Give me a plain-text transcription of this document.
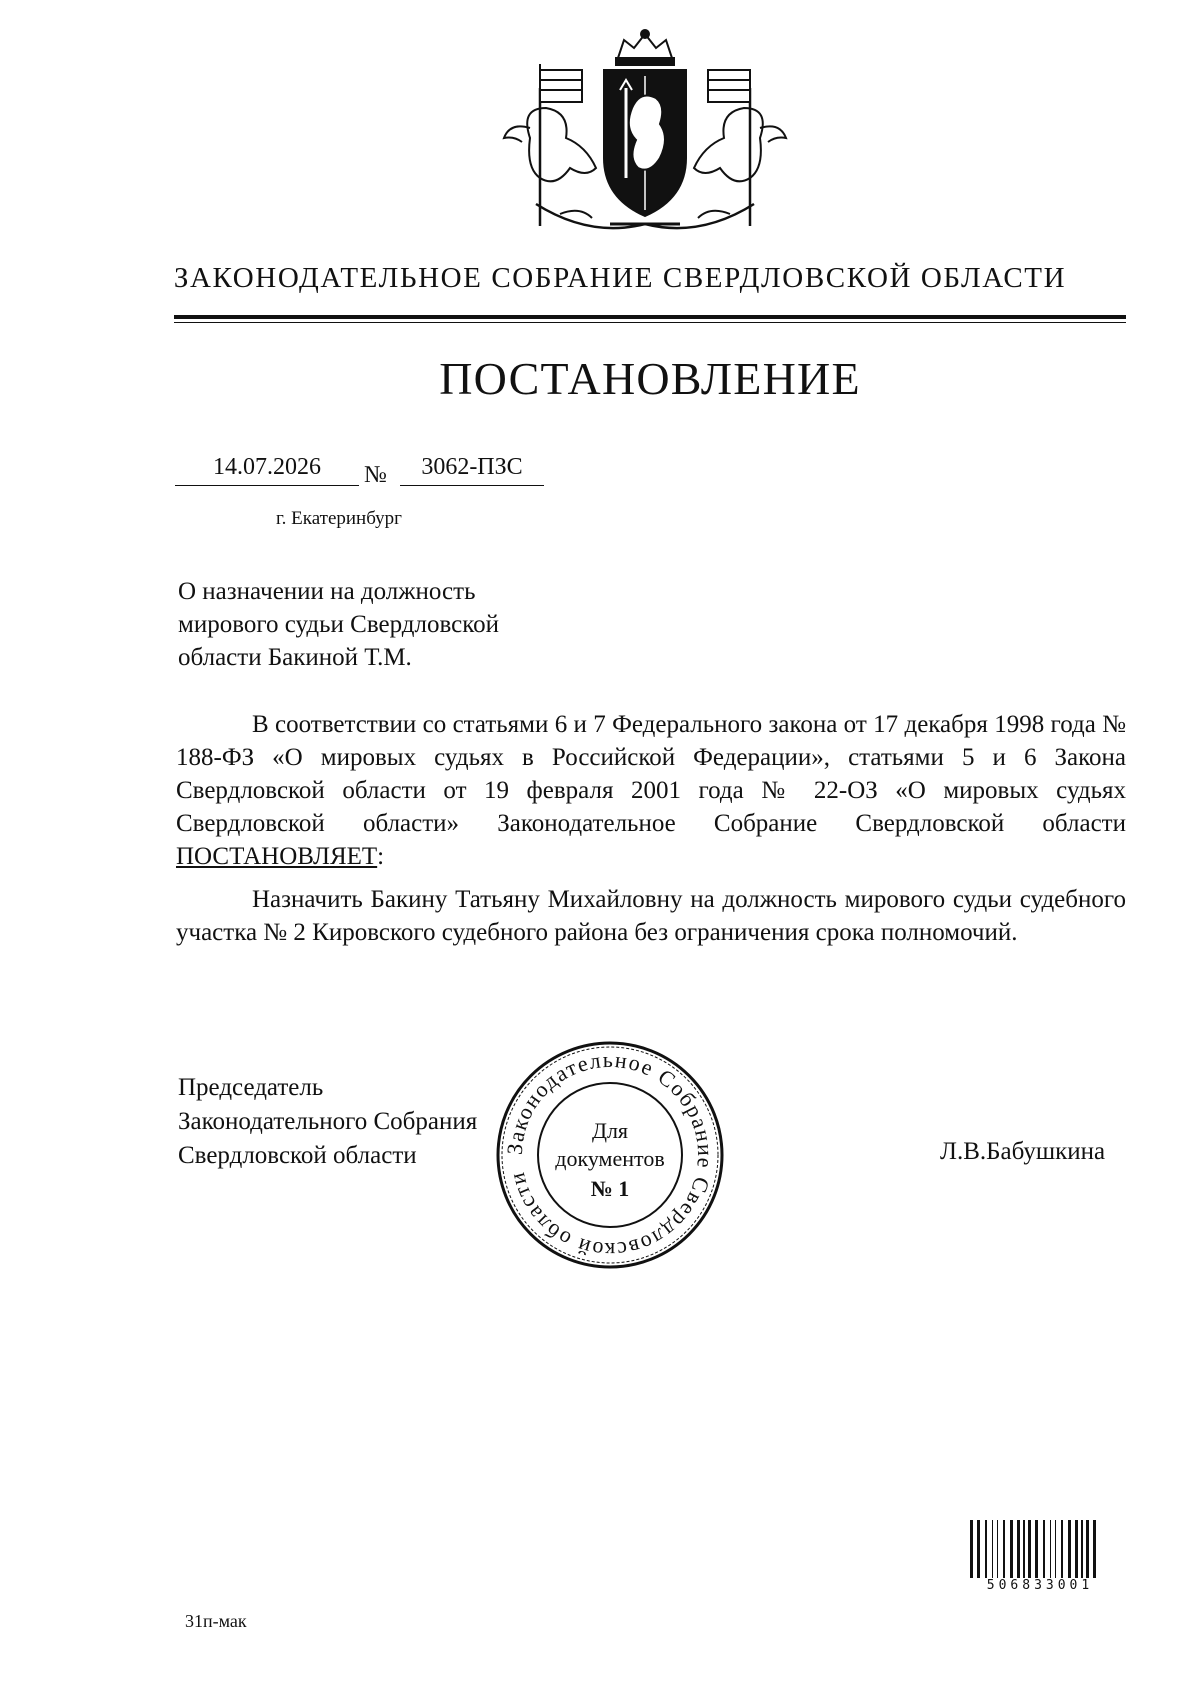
ЗАКОНОДАТЕЛЬНОЕ СОБРАНИЕ СВЕРДЛОВСКОЙ ОБЛАСТИ
ПОСТАНОВЛЕНИЕ
14.07.2026	№	3062-ПЗС
г. Екатеринбург
О назначении на должность
мирового судьи Свердловской
области Бакиной Т.М.
В соответствии со статьями 6 и 7 Федерального закона от 17 декабря 1998 года № 188-ФЗ «О мировых судьях в Российской Федерации», статьями 5 и 6 Закона Свердловской области от 19 февраля 2001 года № 22-ОЗ «О мировых судьях Свердловской области» Законодательное Собрание Свердловской области ПОСТАНОВЛЯЕТ:
Назначить Бакину Татьяну Михайловну на должность мирового судьи судебного участка № 2 Кировского судебного района без ограничения срока полномочий.
Председатель
Законодательного Собрания
Свердловской области	Л.В.Бабушкина
Законодательное Собрание Свердловской области
Для
документов
№ 1
506833001
31п-мак
